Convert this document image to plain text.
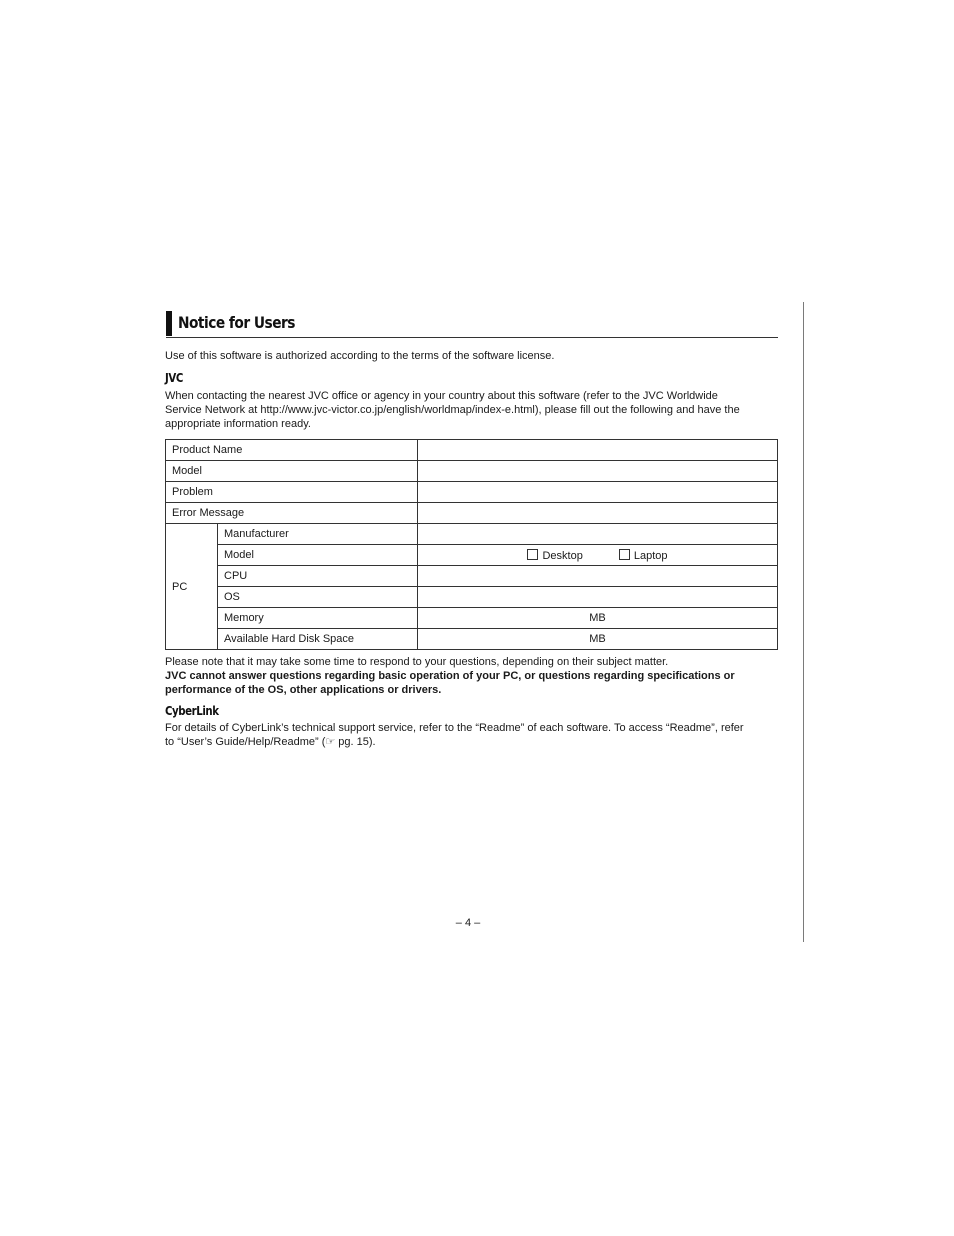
Notice for Users

Use of this software is authorized according to the terms of the software license.

JVC
When contacting the nearest JVC office or agency in your country about this software (refer to the JVC Worldwide
Service Network at http://www.jvc-victor.co.jp/english/worldmap/index-e.html), please fill out the following and have the
appropriate information ready.
Product Name		
Model		
Problem		
Error Message		
PC	Manufacturer	
	Model	Desktop Laptop
	CPU	
	OS	
	Memory	MB
	Available Hard Disk Space	MB
Please note that it may take some time to respond to your questions, depending on their subject matter.
JVC cannot answer questions regarding basic operation of your PC, or questions regarding specifications or
performance of the OS, other applications or drivers.
CyberLink
For details of CyberLink’s technical support service, refer to the “Readme” of each software. To access “Readme”, refer
to “User’s Guide/Help/Readme” (☞ pg. 15).
– 4 –
